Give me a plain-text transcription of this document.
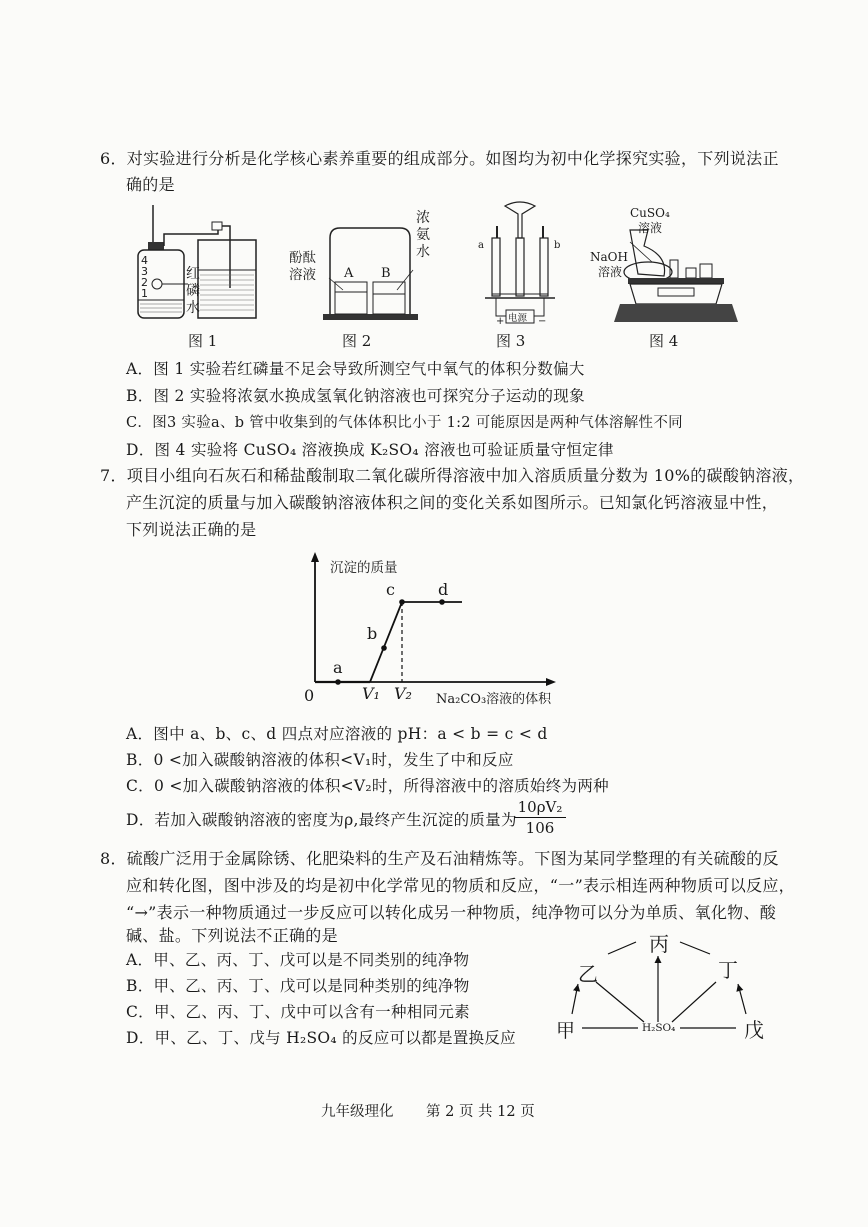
6．对实验进行分析是化学核心素养重要的组成部分。如图均为初中化学探究实验，下列说法正
确的是
4
3
2
1
红
磷
水
图 1
酚酞
溶液 A B
浓
氨
水
图 2
a	b
电源
+	−
图 3
CuSO₄
溶液
NaOH
溶液
图 4
A．图 1 实验若红磷量不足会导致所测空气中氧气的体积分数偏大
B．图 2 实验将浓氨水换成氢氧化钠溶液也可探究分子运动的现象
C．图3 实验a、b 管中收集到的气体体积比小于 1:2 可能原因是两种气体溶解性不同
D．图 4 实验将 CuSO₄ 溶液换成 K₂SO₄ 溶液也可验证质量守恒定律
7．项目小组向石灰石和稀盐酸制取二氧化碳所得溶液中加入溶质质量分数为 10%的碳酸钠溶液，
产生沉淀的质量与加入碳酸钠溶液体积之间的变化关系如图所示。已知氯化钙溶液显中性，
下列说法正确的是
沉淀的质量
0	V₁ V₂ Na₂CO₃溶液的体积
a
b
c	d
A．图中 a、b、c、d 四点对应溶液的 pH：a < b = c < d
B．0 <加入碳酸钠溶液的体积<V₁时，发生了中和反应
C．0 <加入碳酸钠溶液的体积<V₂时，所得溶液中的溶质始终为两种
D．若加入碳酸钠溶液的密度为ρ,最终产生沉淀的质量为
$\frac{\text{10ρV₂}}{106}$
8．硫酸广泛用于金属除锈、化肥染料的生产及石油精炼等。下图为某同学整理的有关硫酸的反
应和转化图，图中涉及的均是初中化学常见的物质和反应，“一”表示相连两种物质可以反应，
“→”表示一种物质通过一步反应可以转化成另一种物质，纯净物可以分为单质、氧化物、酸
碱、盐。下列说法不正确的是
A．甲、乙、丙、丁、戊可以是不同类别的纯净物
B．甲、乙、丙、丁、戊可以是同种类别的纯净物
C．甲、乙、丙、丁、戊中可以含有一种相同元素
D．甲、乙、丁、戊与 H₂SO₄ 的反应可以都是置换反应
丙
乙	丁
甲	戊
H₂SO₄
九年级理化 第 2 页 共 12 页
